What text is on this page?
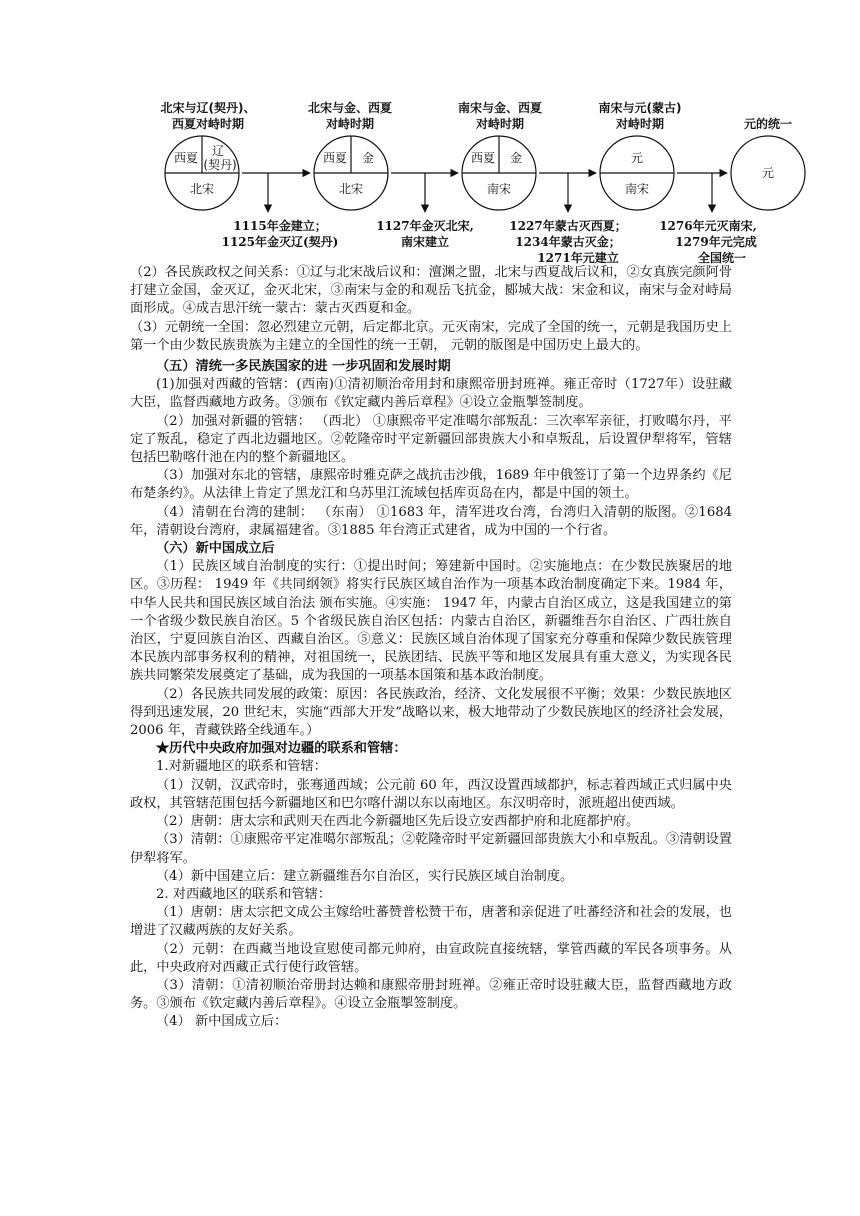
北宋与辽(契丹)、
西夏对峙时期
北宋与金、西夏
对峙时期
南宋与金、西夏
对峙时期
南宋与元(蒙古)
对峙时期	元的统一
西夏 辽
(契丹)
北宋
西夏 金
北宋
西夏 金
南宋
元
南宋
元
1115年金建立；
1125年金灭辽(契丹)
1127年金灭北宋,
南宋建立
1227年蒙古灭西夏；
1234年蒙古灭金；
1271年元建立
1276年元灭南宋,
1279年元完成
全国统一

（2）各民族政权之间关系：①辽与北宋战后议和：澶渊之盟，北宋与西夏战后议和，②女真族完颜阿骨打建立金国，金灭辽，金灭北宋，③南宋与金的和观岳飞抗金，郾城大战：宋金和议，南宋与金对峙局面形成。④成吉思汗统一蒙古：蒙古灭西夏和金。

（3）元朝统一全国：忽必烈建立元朝，后定都北京。元灭南宋，完成了全国的统一，元朝是我国历史上第一个由少数民族贵族为主建立的全国性的统一王朝， 元朝的版图是中国历史上最大的。

（五）清统一多民族国家的进 一步巩固和发展时期

(1)加强对西藏的管辖：(西南)①清初顺治帝用封和康熙帝册封班禅。雍正帝时（1727年）设驻藏大臣，监督西藏地方政务。③颁布《钦定藏内善后章程》④设立金瓶掣签制度。

（2）加强对新疆的管辖： （西北） ①康熙帝平定准噶尔部叛乱：三次率军亲征，打败噶尔丹，平定了叛乱，稳定了西北边疆地区。②乾隆帝时平定新疆回部贵族大小和卓叛乱，后设置伊犁将军，管辖包括巴勒喀什池在内的整个新疆地区。

（3）加强对东北的管辖，康熙帝时雅克萨之战抗击沙俄，1689 年中俄签订了第一个边界条约《尼布楚条约》。从法律上肯定了黑龙江和乌苏里江流域包括库页岛在内，都是中国的领土。

（4）清朝在台湾的建制： （东南） ①1683 年，清军进攻台湾，台湾归入清朝的版图。②1684 年，清朝设台湾府，隶属福建省。③1885 年台湾正式建省，成为中国的一个行省。

（六）新中国成立后

（1）民族区域自治制度的实行：①提出时间；筹建新中国时。②实施地点：在少数民族聚居的地区。③历程： 1949 年《共同纲领》将实行民族区域自治作为一项基本政治制度确定下来。1984 年，中华人民共和国民族区域自治法 颁布实施。④实施： 1947 年，内蒙古自治区成立，这是我国建立的第一个省级少数民族自治区。5 个省级民族自治区包括：内蒙古自治区，新疆维吾尔自治区、广西壮族自治区，宁夏回族自治区、西藏自治区。⑤意义：民族区域自治体现了国家充分尊重和保障少数民族管理本民族内部事务权利的精神，对祖国统一，民族团结、民族平等和地区发展具有重大意义，为实现各民族共同繁荣发展奠定了基础，成为我国的一项基本国策和基本政治制度。

（2）各民族共同发展的政策：原因：各民族政治，经济、文化发展很不平衡；效果：少数民族地区得到迅速发展，20 世纪末，实施“西部大开发”战略以来，极大地带动了少数民族地区的经济社会发展，2006 年，青藏铁路全线通车。）

★历代中央政府加强对边疆的联系和管辖：

1.对新疆地区的联系和管辖：

（1）汉朝，汉武帝时，张骞通西域；公元前 60 年，西汉设置西域都护，标志着西域正式归属中央政权，其管辖范围包括今新疆地区和巴尔喀什湖以东以南地区。东汉明帝时，派班超出使西域。

（2）唐朝：唐太宗和武则天在西北今新疆地区先后设立安西都护府和北庭都护府。

（3）清朝：①康熙帝平定准噶尔部叛乱；②乾隆帝时平定新疆回部贵族大小和卓叛乱。③清朝设置伊犁将军。

（4）新中国建立后：建立新疆维吾尔自治区，实行民族区域自治制度。

2. 对西藏地区的联系和管辖：

（1）唐朝：唐太宗把文成公主嫁给吐蕃赞普松赞干布，唐著和亲促进了吐蕃经济和社会的发展，也增进了汉藏两族的友好关系。

（2）元朝：在西藏当地设宣慰使司都元帅府，由宣政院直接统辖，掌管西藏的军民各项事务。从此，中央政府对西藏正式行使行政管辖。

（3）清朝：①清初顺治帝册封达赖和康熙帝册封班禅。②雍正帝时设驻藏大臣，监督西藏地方政务。③颁布《钦定藏内善后章程》。④设立金瓶掣签制度。

（4） 新中国成立后：
